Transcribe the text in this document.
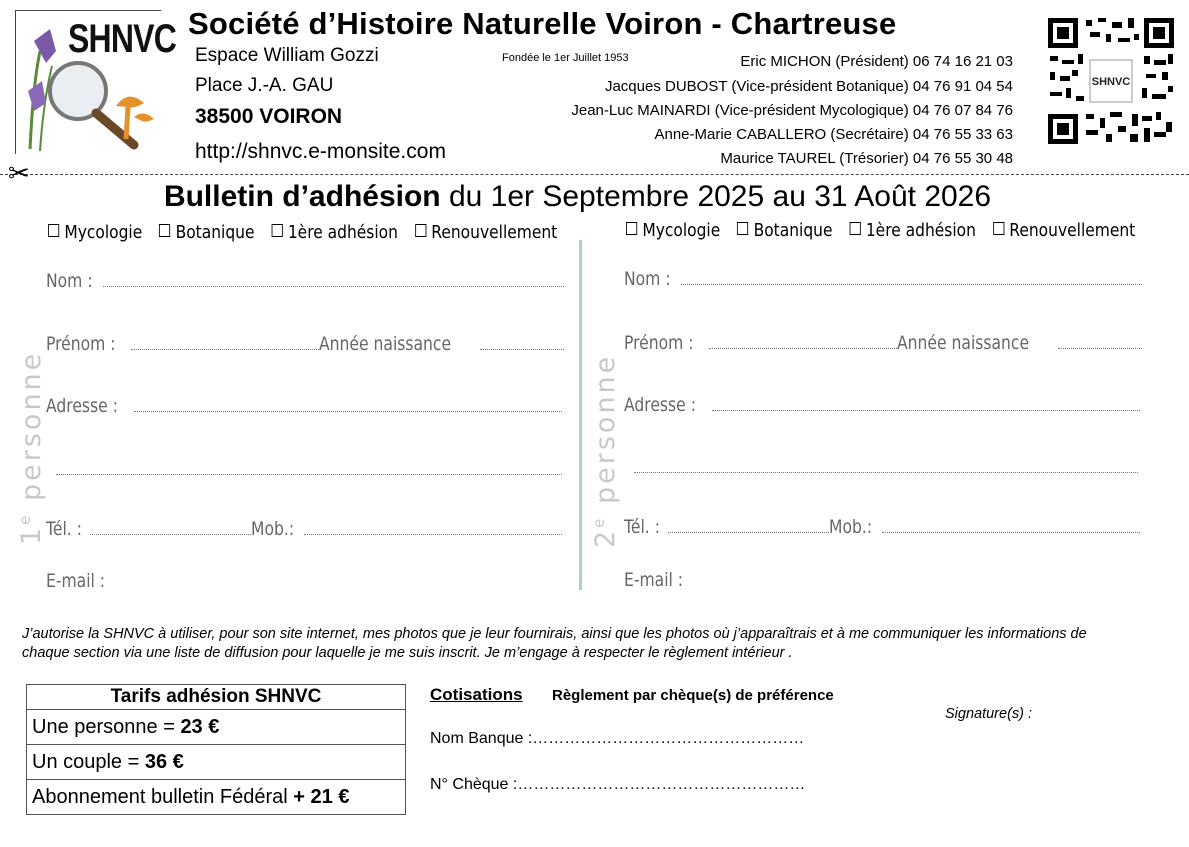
SHNVC Société d’Histoire Naturelle Voiron - Chartreuse
Espace William Gozzi
Place J.-A. GAU
38500 VOIRON
http://shnvc.e-monsite.com
Fondée le 1er Juillet 1953	Eric MICHON (Président) 06 74 16 21 03
Jacques DUBOST (Vice-président Botanique) 04 76 91 04 54
Jean-Luc MAINARDI (Vice-président Mycologique) 04 76 07 84 76
Anne-Marie CABALLERO (Secrétaire) 04 76 55 33 63
Maurice TAUREL (Trésorier) 04 76 55 30 48
SHNVC
✂
Bulletin d’adhésion du 1er Septembre 2025 au 31 Août 2026
Mycologie Botanique 1ère adhésion Renouvellement	Mycologie Botanique 1ère adhésion Renouvellement
1e personne
2e personne
Nom :
Prénom :	Année naissance
Adresse :
Tél. :	Mob.:
E-mail :
Nom :
Prénom :	Année naissance
Adresse :
Tél. :	Mob.:
E-mail :
J’autorise la SHNVC à utiliser, pour son site internet, mes photos que je leur fournirais, ainsi que les photos où j’apparaîtrais et à me communiquer les informations de chaque section via une liste de diffusion pour laquelle je me suis inscrit. Je m’engage à respecter le règlement intérieur .
Tarifs adhésion SHNVC
Une personne = 23 €
Un couple = 36 €
Abonnement bulletin Fédéral + 21 €
Cotisations Règlement par chèque(s) de préférence
Signature(s) :
Nom Banque :……………………………………………
N° Chèque :………………………………………………
